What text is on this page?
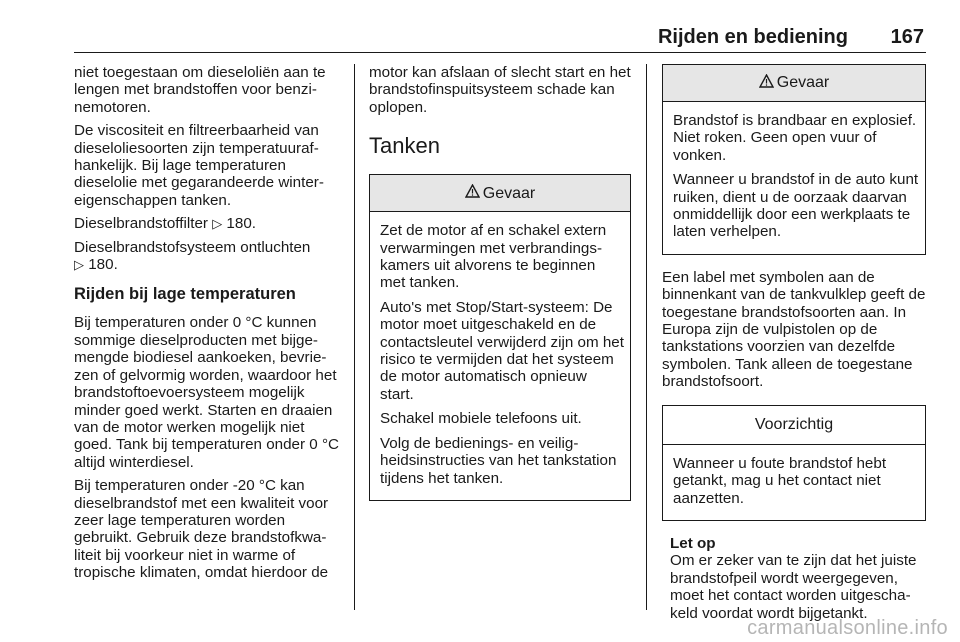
Rijden en bediening 167

niet toegestaan om dieseloliën aan te lengen met brandstoffen voor benzinemotoren.

De viscositeit en filtreerbaarheid van dieseloliesoorten zijn temperatuurafhankelijk. Bij lage temperaturen dieselolie met gegarandeerde wintereigenschappen tanken.

Dieselbrandstoffilter ▷ 180.

Dieselbrandstofsysteem ontluchten
▷ 180.

Rijden bij lage temperaturen

Bij temperaturen onder 0 °C kunnen sommige dieselproducten met bijgemengde biodiesel aankoeken, bevriezen of gelvormig worden, waardoor het brandstoftoevoersysteem mogelijk minder goed werkt. Starten en draaien van de motor werken mogelijk niet goed. Tank bij temperaturen onder 0 °C altijd winterdiesel.

Bij temperaturen onder -20 °C kan dieselbrandstof met een kwaliteit voor zeer lage temperaturen worden gebruikt. Gebruik deze brandstofkwaliteit bij voorkeur niet in warme of tropische klimaten, omdat hierdoor de

motor kan afslaan of slecht start en het brandstofinspuitsysteem schade kan oplopen.

Tanken
Gevaar

Zet de motor af en schakel extern verwarmingen met verbrandingskamers uit alvorens te beginnen met tanken.

Auto's met Stop/Start-systeem: De motor moet uitgeschakeld en de contactsleutel verwijderd zijn om het risico te vermijden dat het systeem de motor automatisch opnieuw start.

Schakel mobiele telefoons uit.

Volg de bedienings- en veiligheidsinstructies van het tankstation tijdens het tanken.

Gevaar

Brandstof is brandbaar en explosief. Niet roken. Geen open vuur of vonken.

Wanneer u brandstof in de auto kunt ruiken, dient u de oorzaak daarvan onmiddellijk door een werkplaats te laten verhelpen.

Een label met symbolen aan de binnenkant van de tankvulklep geeft de toegestane brandstofsoorten aan. In Europa zijn de vulpistolen op de tankstations voorzien van dezelfde symbolen. Tank alleen de toegestane brandstofsoort.

Voorzichtig

Wanneer u foute brandstof hebt getankt, mag u het contact niet aanzetten.

Let op

Om er zeker van te zijn dat het juiste brandstofpeil wordt weergegeven, moet het contact worden uitgeschakeld voordat wordt bijgetankt.

carmanualsonline.info
